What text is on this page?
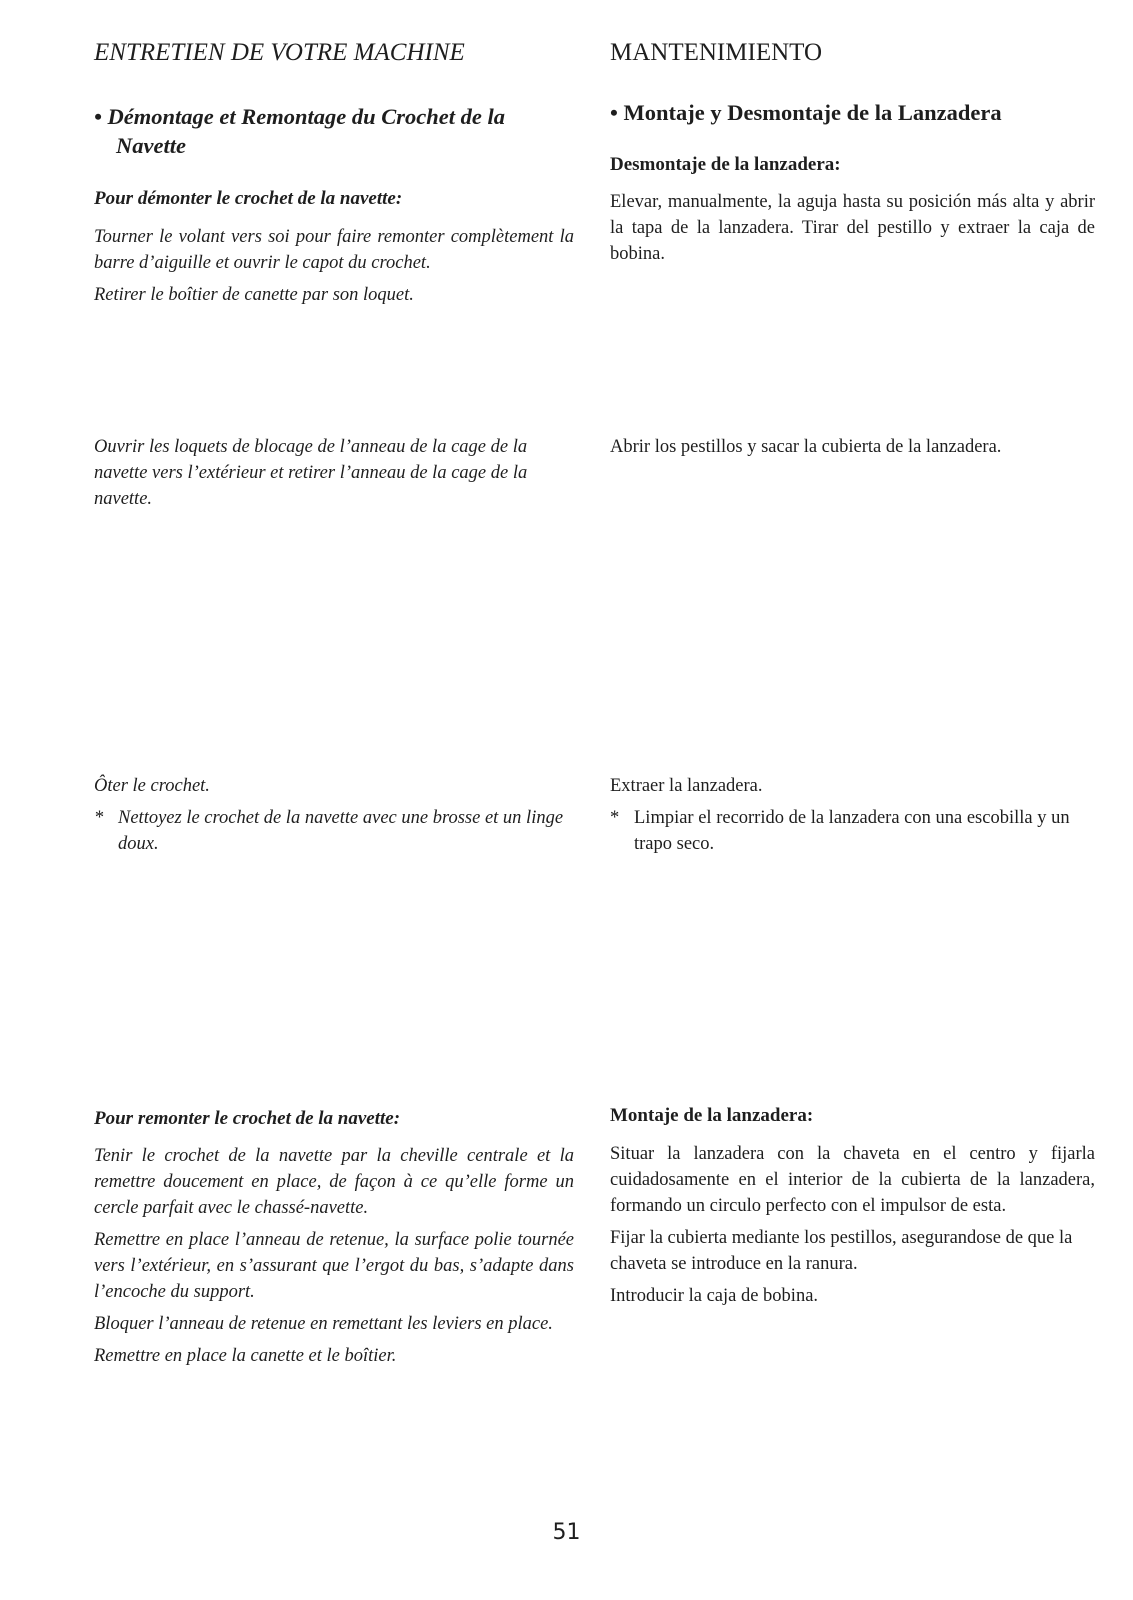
ENTRETIEN DE VOTRE MACHINE
• Démontage et Remontage du Crochet de la
Navette
Pour démonter le crochet de la navette:

Tourner le volant vers soi pour faire remonter complètement la barre d’aiguille et ouvrir le capot du crochet.

Retirer le boîtier de canette par son loquet.

Ouvrir les loquets de blocage de l’anneau de la cage de la navette vers l’extérieur et retirer l’anneau de la cage de la navette.

Ôter le crochet.

* Nettoyez le crochet de la navette avec une brosse et un linge doux.
Pour remonter le crochet de la navette:

Tenir le crochet de la navette par la cheville centrale et la remettre doucement en place, de façon à ce qu’elle forme un cercle parfait avec le chassé-navette.

Remettre en place l’anneau de retenue, la surface polie tournée vers l’extérieur, en s’assurant que l’ergot du bas, s’adapte dans l’encoche du support.

Bloquer l’anneau de retenue en remettant les leviers en place.

Remettre en place la canette et le boîtier.

MANTENIMIENTO
• Montaje y Desmontaje de la Lanzadera
Desmontaje de la lanzadera:

Elevar, manualmente, la aguja hasta su posición más alta y abrir la tapa de la lanzadera. Tirar del pestillo y extraer la caja de bobina.

Abrir los pestillos y sacar la cubierta de la lanzadera.

Extraer la lanzadera.

* Limpiar el recorrido de la lanzadera con una escobilla y un trapo seco.
Montaje de la lanzadera:

Situar la lanzadera con la chaveta en el centro y fijarla cuidadosamente en el interior de la cubierta de la lanzadera, formando un circulo perfecto con el impulsor de esta.

Fijar la cubierta mediante los pestillos, asegurandose de que la chaveta se introduce en la ranura.

Introducir la caja de bobina.

51
